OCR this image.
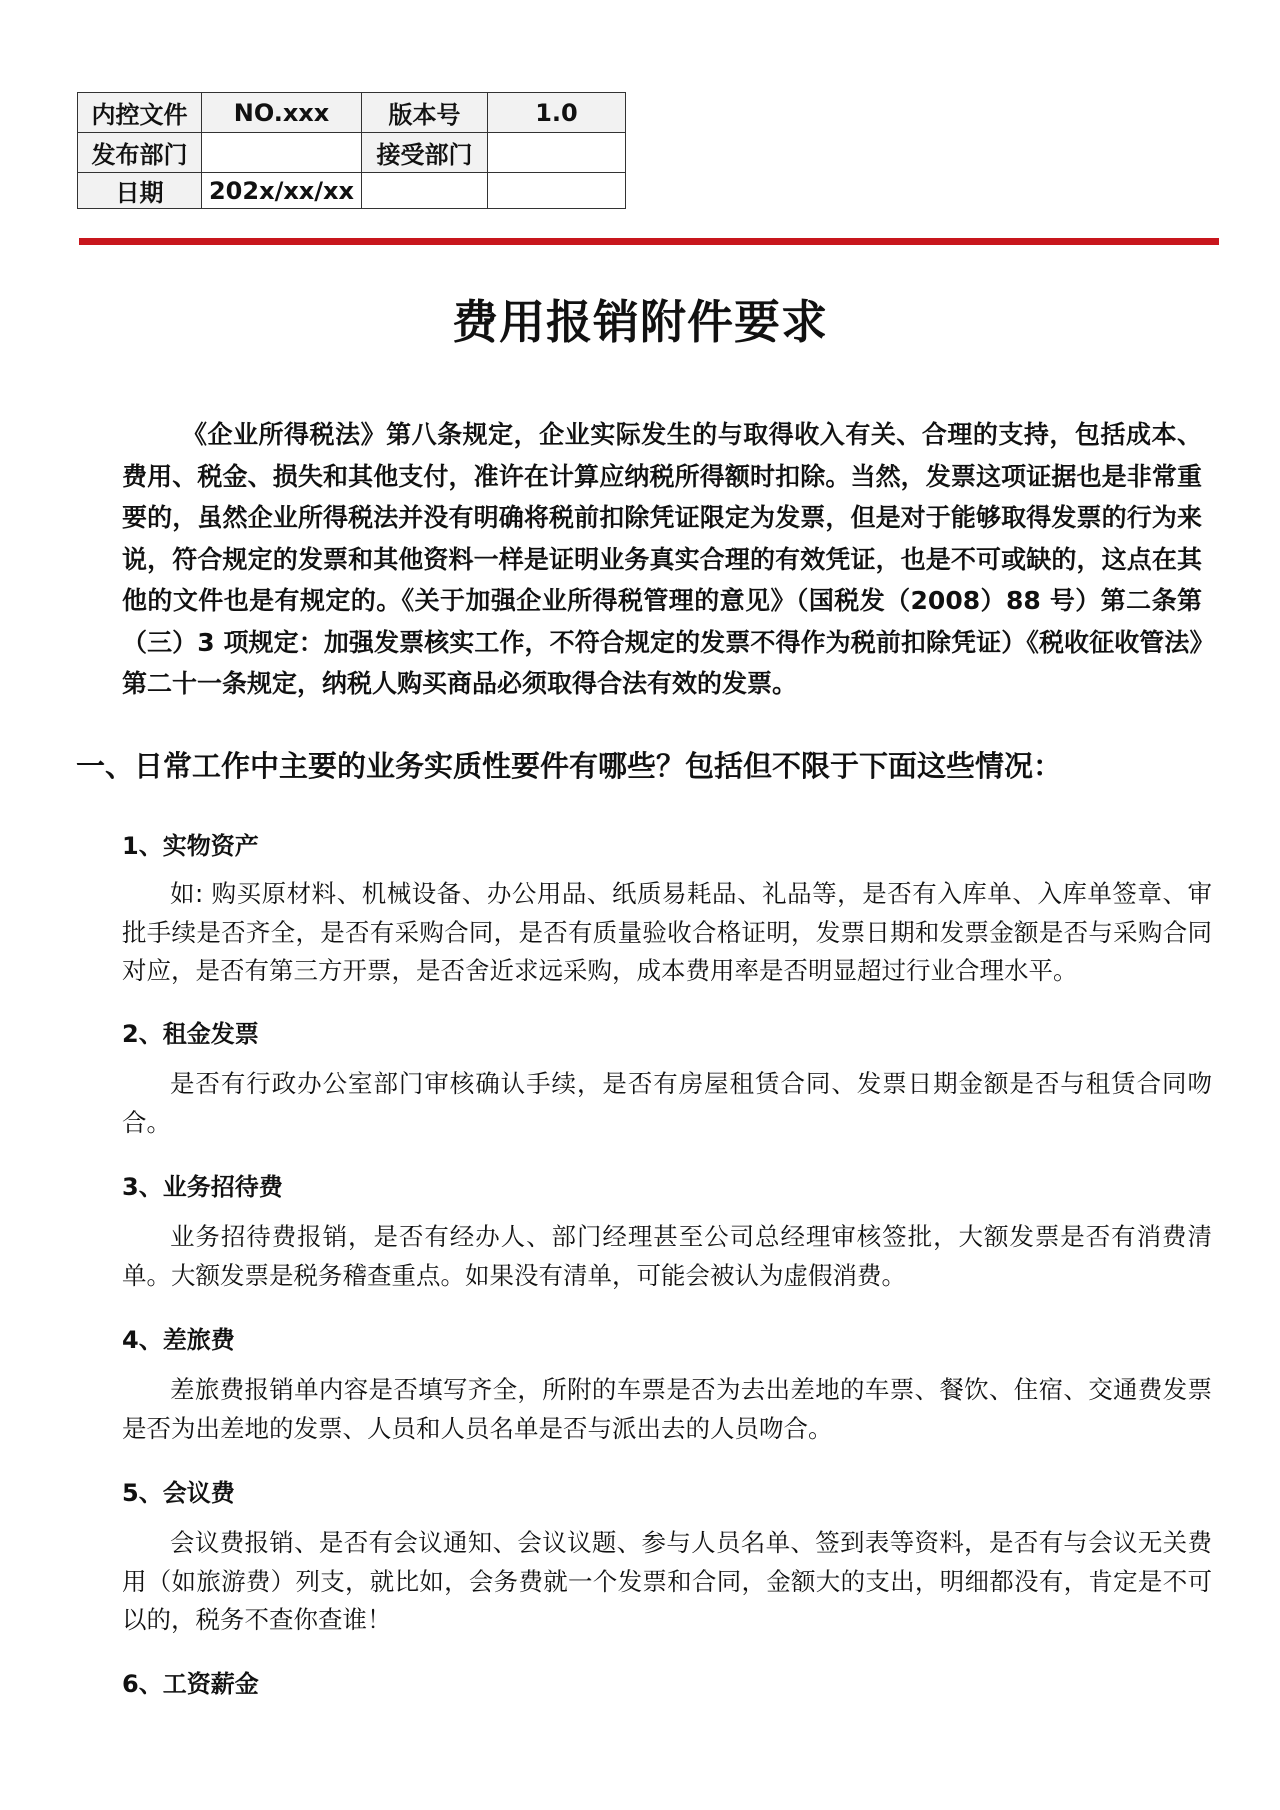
内控文件	NO.xxx	版本号	1.0
发布部门		接受部门	
日期	202x/xx/xx		
费用报销附件要求

《企业所得税法》第八条规定，企业实际发生的与取得收入有关、合理的支持，包括成本、费用、税金、损失和其他支付，准许在计算应纳税所得额时扣除。当然，发票这项证据也是非常重要的，虽然企业所得税法并没有明确将税前扣除凭证限定为发票，但是对于能够取得发票的行为来说，符合规定的发票和其他资料一样是证明业务真实合理的有效凭证，也是不可或缺的，这点在其他的文件也是有规定的。《关于加强企业所得税管理的意见》（国税发（2008）88 号）第二条第（三）3 项规定：加强发票核实工作，不符合规定的发票不得作为税前扣除凭证）《税收征收管法》第二十一条规定，纳税人购买商品必须取得合法有效的发票。

一、日常工作中主要的业务实质性要件有哪些？包括但不限于下面这些情况：
1、实物资产

如: 购买原材料、机械设备、办公用品、纸质易耗品、礼品等，是否有入库单、入库单签章、审批手续是否齐全，是否有采购合同，是否有质量验收合格证明，发票日期和发票金额是否与采购合同对应，是否有第三方开票，是否舍近求远采购，成本费用率是否明显超过行业合理水平。

2、租金发票

是否有行政办公室部门审核确认手续，是否有房屋租赁合同、发票日期金额是否与租赁合同吻合。

3、业务招待费

业务招待费报销，是否有经办人、部门经理甚至公司总经理审核签批，大额发票是否有消费清单。大额发票是税务稽查重点。如果没有清单，可能会被认为虚假消费。

4、差旅费

差旅费报销单内容是否填写齐全，所附的车票是否为去出差地的车票、餐饮、住宿、交通费发票是否为出差地的发票、人员和人员名单是否与派出去的人员吻合。

5、会议费

会议费报销、是否有会议通知、会议议题、参与人员名单、签到表等资料，是否有与会议无关费用（如旅游费）列支，就比如，会务费就一个发票和合同，金额大的支出，明细都没有，肯定是不可以的，税务不查你查谁！

6、工资薪金
